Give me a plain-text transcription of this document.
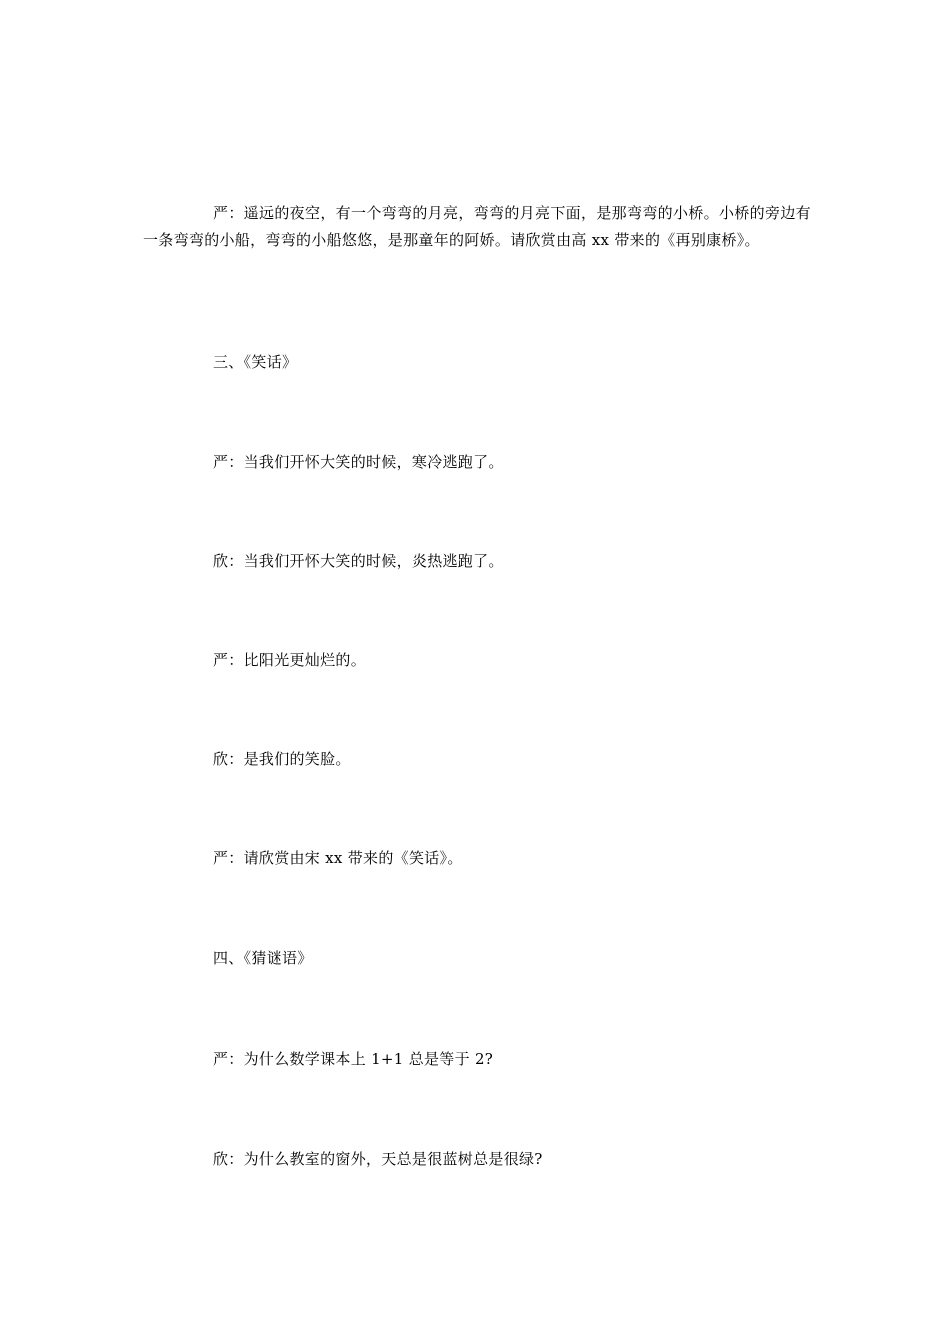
严：遥远的夜空，有一个弯弯的月亮，弯弯的月亮下面，是那弯弯的小桥。小桥的旁边有一条弯弯的小船，弯弯的小船悠悠，是那童年的阿娇。请欣赏由高 xx 带来的《再别康桥》。

三、《笑话》

严：当我们开怀大笑的时候，寒冷逃跑了。

欣：当我们开怀大笑的时候，炎热逃跑了。

严：比阳光更灿烂的。

欣：是我们的笑脸。

严：请欣赏由宋 xx 带来的《笑话》。

四、《猜谜语》

严：为什么数学课本上 1+1 总是等于 2?

欣：为什么教室的窗外，天总是很蓝树总是很绿?
